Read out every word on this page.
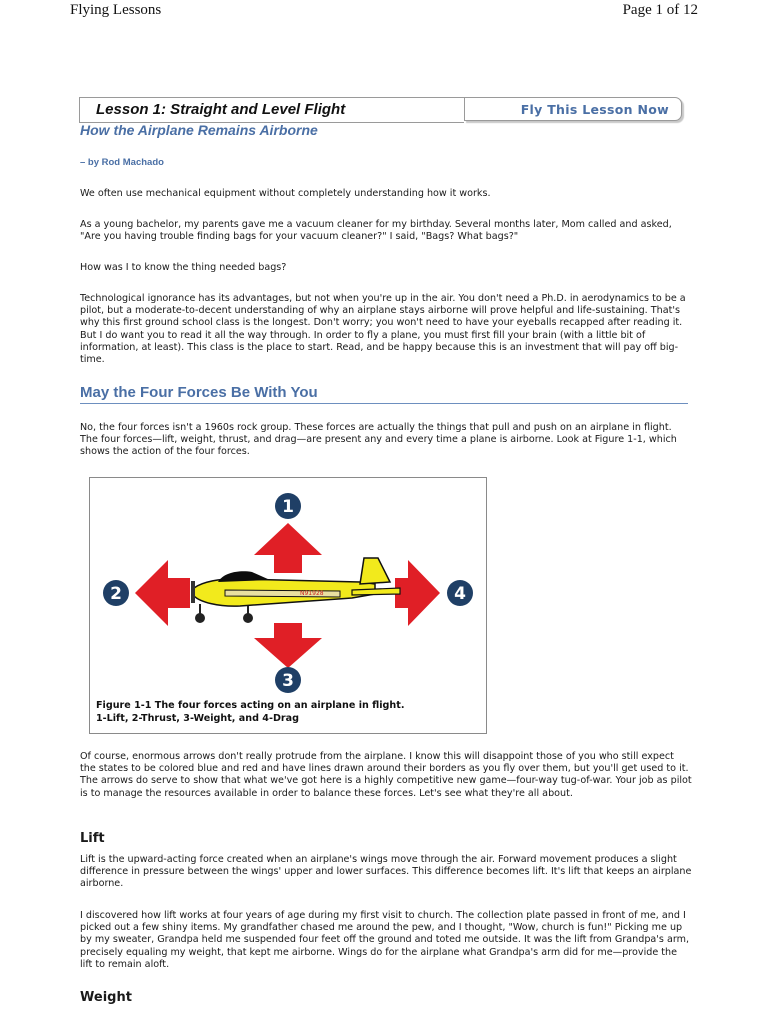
Flying Lessons	Page 1 of 12
Lesson 1: Straight and Level Flight	Fly This Lesson Now
How the Airplane Remains Airborne
– by Rod Machado

We often use mechanical equipment without completely understanding how it works.

As a young bachelor, my parents gave me a vacuum cleaner for my birthday. Several months later, Mom called and asked, "Are you having trouble finding bags for your vacuum cleaner?" I said, "Bags? What bags?"

How was I to know the thing needed bags?

Technological ignorance has its advantages, but not when you're up in the air. You don't need a Ph.D. in aerodynamics to be a pilot, but a moderate-to-decent understanding of why an airplane stays airborne will prove helpful and life-sustaining. That's why this first ground school class is the longest. Don't worry; you won't need to have your eyeballs recapped after reading it. But I do want you to read it all the way through. In order to fly a plane, you must first fill your brain (with a little bit of information, at least). This class is the place to start. Read, and be happy because this is an investment that will pay off big-time.

May the Four Forces Be With You

No, the four forces isn't a 1960s rock group. These forces are actually the things that pull and push on an airplane in flight. The four forces—lift, weight, thrust, and drag—are present any and every time a plane is airborne. Look at Figure 1-1, which shows the action of the four forces.

N91928
1
2
3
4
Figure 1-1 The four forces acting on an airplane in flight.
1-Lift, 2-Thrust, 3-Weight, and 4-Drag

Of course, enormous arrows don't really protrude from the airplane. I know this will disappoint those of you who still expect the states to be colored blue and red and have lines drawn around their borders as you fly over them, but you'll get used to it. The arrows do serve to show that what we've got here is a highly competitive new game—four-way tug-of-war. Your job as pilot is to manage the resources available in order to balance these forces. Let's see what they're all about.

Lift

Lift is the upward-acting force created when an airplane's wings move through the air. Forward movement produces a slight difference in pressure between the wings' upper and lower surfaces. This difference becomes lift. It's lift that keeps an airplane airborne.

I discovered how lift works at four years of age during my first visit to church. The collection plate passed in front of me, and I picked out a few shiny items. My grandfather chased me around the pew, and I thought, "Wow, church is fun!" Picking me up by my sweater, Grandpa held me suspended four feet off the ground and toted me outside. It was the lift from Grandpa's arm, precisely equaling my weight, that kept me airborne. Wings do for the airplane what Grandpa's arm did for me—provide the lift to remain aloft.

Weight
